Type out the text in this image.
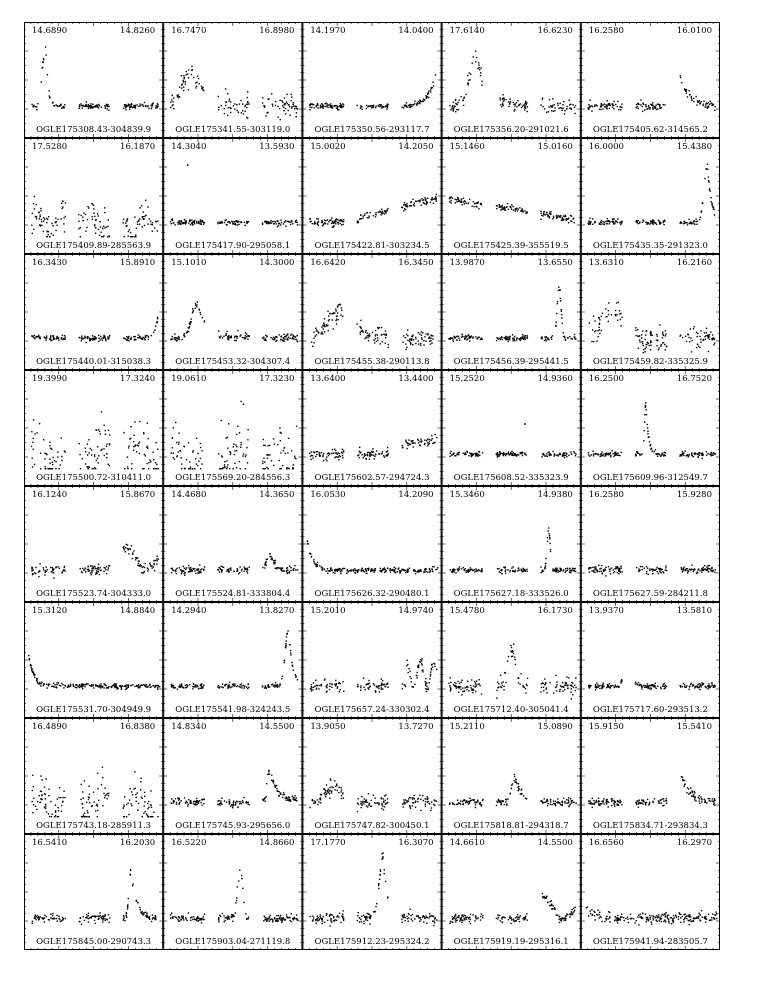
14.6890	14.8260
OGLE175308.43-304839.9
16.7470	16.8980
OGLE175341.55-303119.0
14.1970	14.0400
OGLE175350.56-293117.7
17.6140	16.6230
OGLE175356.20-291021.6
16.2580	16.0100
OGLE175405.62-314565.2
17.5280	16.1870
OGLE175409.89-285563.9
14.3040	13.5930
OGLE175417.90-295058.1
15.0020	14.2050
OGLE175422.81-303234.5
15.1460	15.0160
OGLE175425.39-355519.5
16.0000	15.4380
OGLE175435.35-291323.0
16.3430	15.8910
OGLE175440.01-315038.3
15.1010	14.3000
OGLE175453.32-304307.4
16.6420	16.3450
OGLE175455.38-290113.8
13.9870	13.6550
OGLE175456.39-295441.5
13.6310	16.2160
OGLE175459.82-335325.9
19.3990	17.3240
OGLE175500.72-310411.0
19.0610	17.3230
OGLE175569.20-284556.3
13.6400	13.4400
OGLE175602.57-294724.3
15.2520	14.9360
OGLE175608.52-335323.9
16.2500	16.7520
OGLE175609.96-312549.7
16.1240	15.8670
OGLE175523.74-304333.0
14.4680	14.3650
OGLE175524.81-333804.4
16.0530	14.2090
OGLE175626.32-290480.1
15.3460	14.9380
OGLE175627.18-333526.0
16.2580	15.9280
OGLE175627.59-284211.8
15.3120	14.8840
OGLE175531.70-304949.9
14.2940	13.8270
OGLE175541.98-324243.5
15.2010	14.9740
OGLE175657.24-330302.4
15.4780	16.1730
OGLE175712.40-305041.4
13.9370	13.5810
OGLE175717.60-293513.2
16.4890	16.8380
OGLE175743.18-285911.3
14.8340	14.5500
OGLE175745.93-295656.0
13.9050	13.7270
OGLE175747.82-300450.1
15.2110	15.0890
OGLE175818.81-294318.7
15.9150	15.5410
OGLE175834.71-293834.3
16.5410	16.2030
OGLE175845.00-290743.3
16.5220	14.8660
OGLE175903.04-271119.8
17.1770	16.3070
OGLE175912.23-295324.2
14.6610	14.5500
OGLE175919.19-295316.1
16.6560	16.2970
OGLE175941.94-283505.7
